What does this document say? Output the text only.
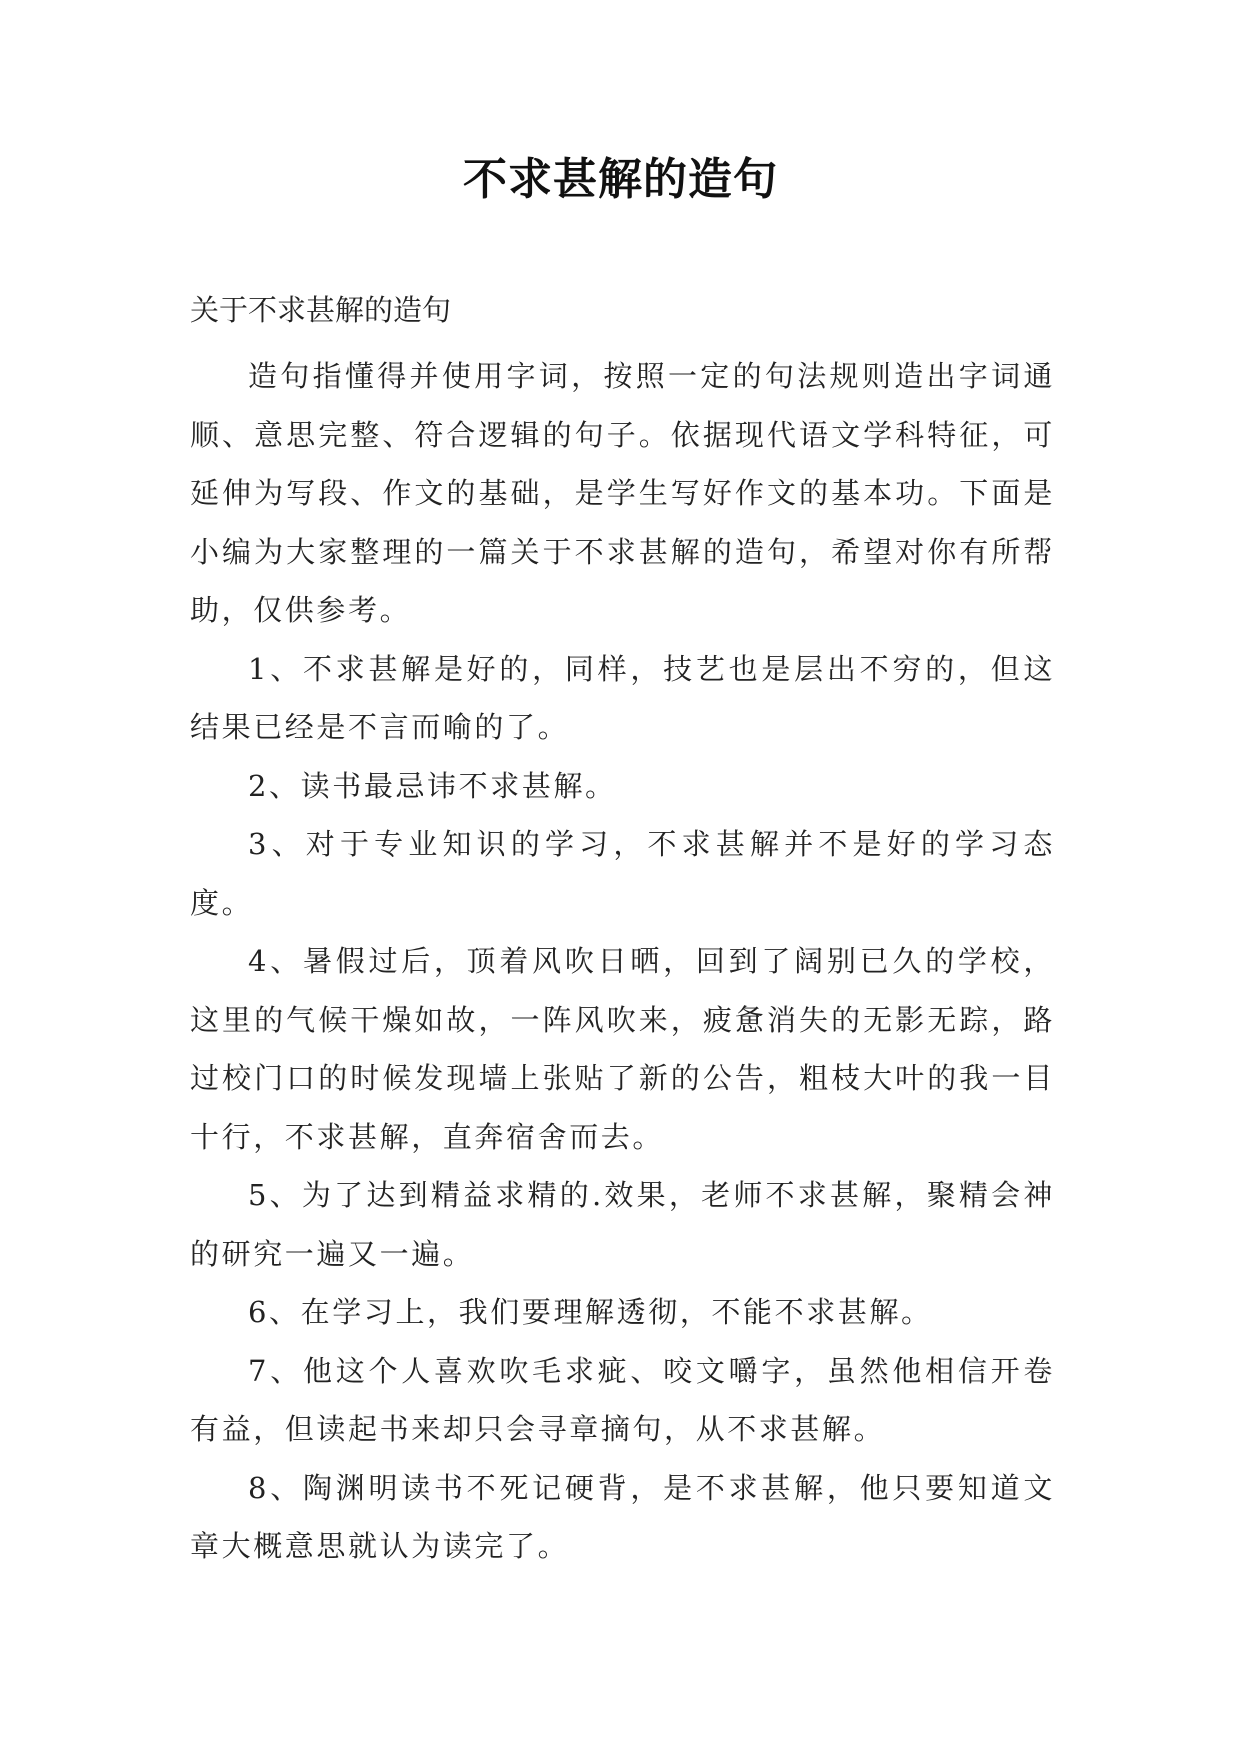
不求甚解的造句
关于不求甚解的造句

造句指懂得并使用字词，按照一定的句法规则造出字词通顺、意思完整、符合逻辑的句子。依据现代语文学科特征，可延伸为写段、作文的基础，是学生写好作文的基本功。下面是小编为大家整理的一篇关于不求甚解的造句，希望对你有所帮助，仅供参考。

1、不求甚解是好的，同样，技艺也是层出不穷的，但这结果已经是不言而喻的了。

2、读书最忌讳不求甚解。

3、对于专业知识的学习，不求甚解并不是好的学习态度。

4、暑假过后，顶着风吹日晒，回到了阔别已久的学校，这里的气候干燥如故，一阵风吹来，疲惫消失的无影无踪，路过校门口的时候发现墙上张贴了新的公告，粗枝大叶的我一目十行，不求甚解，直奔宿舍而去。

5、为了达到精益求精的.效果，老师不求甚解，聚精会神的研究一遍又一遍。

6、在学习上，我们要理解透彻，不能不求甚解。

7、他这个人喜欢吹毛求疵、咬文嚼字，虽然他相信开卷有益，但读起书来却只会寻章摘句，从不求甚解。

8、陶渊明读书不死记硬背，是不求甚解，他只要知道文章大概意思就认为读完了。
